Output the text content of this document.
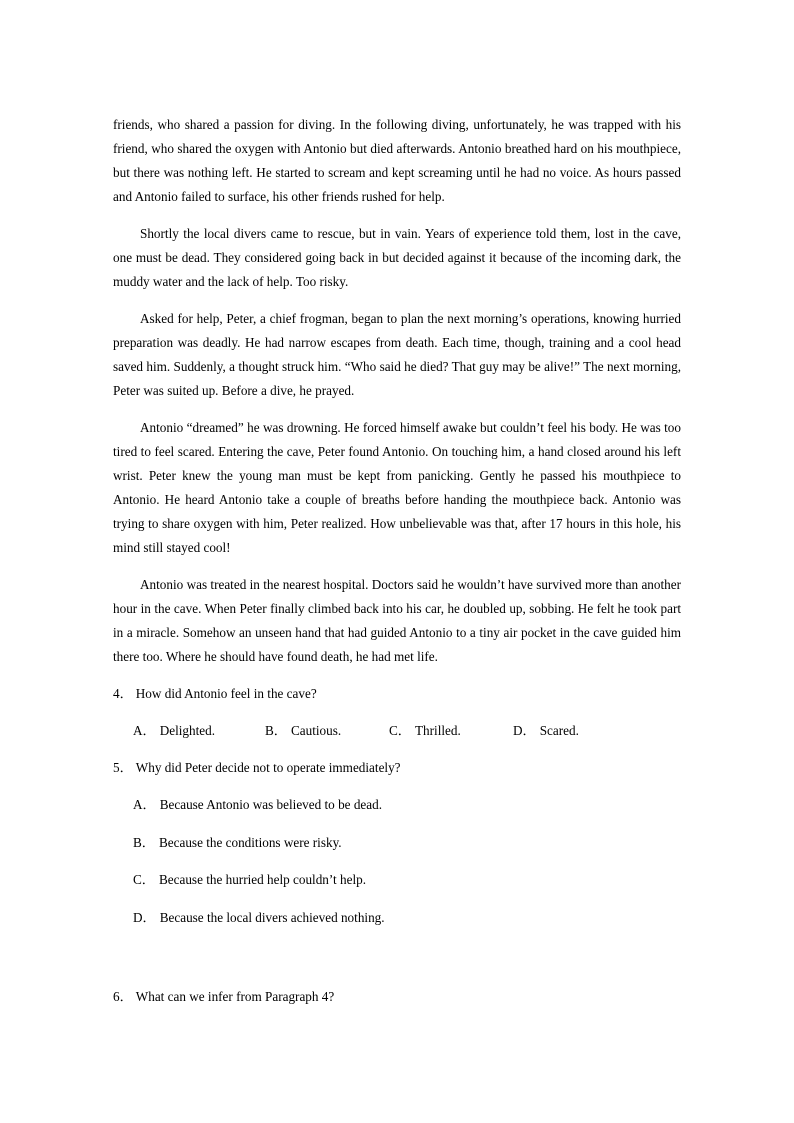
friends, who shared a passion for diving. In the following diving, unfortunately, he was trapped with his friend, who shared the oxygen with Antonio but died afterwards. Antonio breathed hard on his mouthpiece, but there was nothing left. He started to scream and kept screaming until he had no voice. As hours passed and Antonio failed to surface, his other friends rushed for help.

Shortly the local divers came to rescue, but in vain. Years of experience told them, lost in the cave, one must be dead. They considered going back in but decided against it because of the incoming dark, the muddy water and the lack of help. Too risky.

Asked for help, Peter, a chief frogman, began to plan the next morning’s operations, knowing hurried preparation was deadly. He had narrow escapes from death. Each time, though, training and a cool head saved him. Suddenly, a thought struck him. “Who said he died? That guy may be alive!” The next morning, Peter was suited up. Before a dive, he prayed.

Antonio “dreamed” he was drowning. He forced himself awake but couldn’t feel his body. He was too tired to feel scared. Entering the cave, Peter found Antonio. On touching him, a hand closed around his left wrist. Peter knew the young man must be kept from panicking. Gently he passed his mouthpiece to Antonio. He heard Antonio take a couple of breaths before handing the mouthpiece back. Antonio was trying to share oxygen with him, Peter realized. How unbelievable was that, after 17 hours in this hole, his mind still stayed cool!

Antonio was treated in the nearest hospital. Doctors said he wouldn’t have survived more than another hour in the cave. When Peter finally climbed back into his car, he doubled up, sobbing. He felt he took part in a miracle. Somehow an unseen hand that had guided Antonio to a tiny air pocket in the cave guided him there too. Where he should have found death, he had met life.

4． How did Antonio feel in the cave?

A． Delighted.	B． Cautious.	C． Thrilled.	D． Scared.

5． Why did Peter decide not to operate immediately?

A． Because Antonio was believed to be dead.
B． Because the conditions were risky.
C． Because the hurried help couldn’t help.
D． Because the local divers achieved nothing.

6． What can we infer from Paragraph 4?
